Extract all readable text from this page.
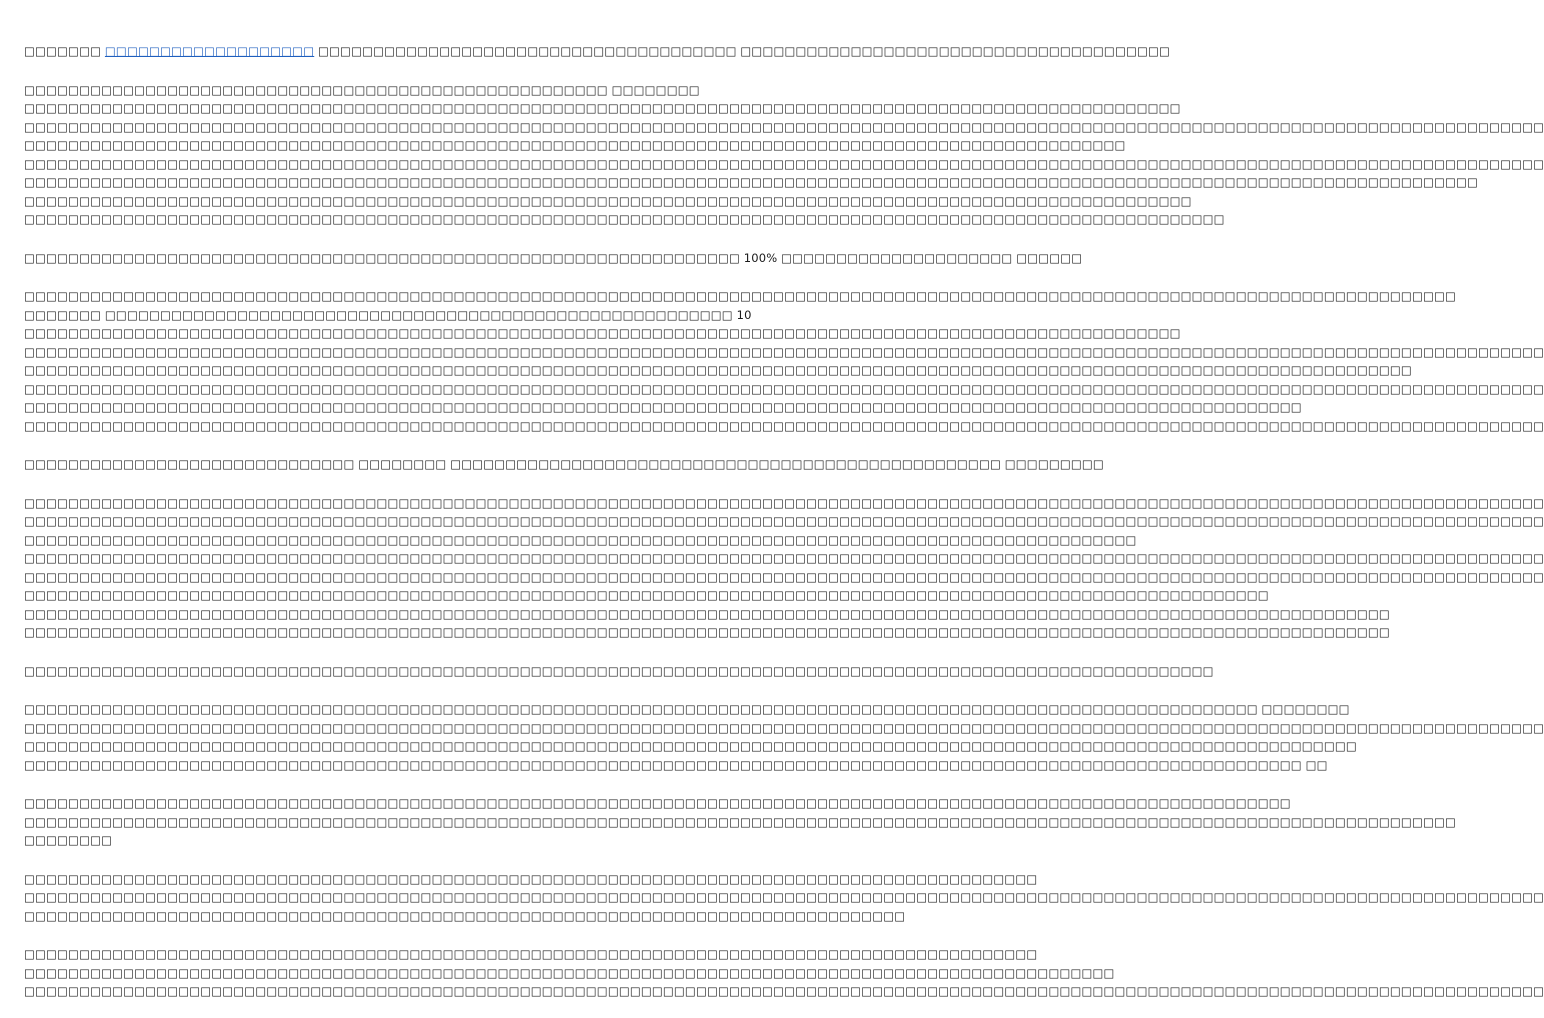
□□□□□□□ □□□□□□□□□□□□□□□□□□□ □□□□□□□□□□□□□□□□□□□□□□□□□□□□□□□□□□□□□□ □□□□□□□□□□□□□□□□□□□□□□□□□□□□□□□□□□□□□□□
□□□□□□□□□□□□□□□□□□□□□□□□□□□□□□□□□□□□□□□□□□□□□□□□□□□□□ □□□□□□□□
□□□□□□□□□□□□□□□□□□□□□□□□□□□□□□□□□□□□□□□□□□□□□□□□□□□□□□□□□□□□□□□□□□□□□□□□□□□□□□□□□□□□□□□□□□□□□□□□□□□□□□□□□
□□□□□□□□□□□□□□□□□□□□□□□□□□□□□□□□□□□□□□□□□□□□□□□□□□□□□□□□□□□□□□□□□□□□□□□□□□□□□□□□□□□□□□□□□□□□□□□□□□□□□□□□□□□□□□□□□□□□□□□□□□□□□□□□□□□□□□□□□□
□□□□□□□□□□□□□□□□□□□□□□□□□□□□□□□□□□□□□□□□□□□□□□□□□□□□□□□□□□□□□□□□□□□□□□□□□□□□□□□□□□□□□□□□□□□□□□□□□□□□
□□□□□□□□□□□□□□□□□□□□□□□□□□□□□□□□□□□□□□□□□□□□□□□□□□□□□□□□□□□□□□□□□□□□□□□□□□□□□□□□□□□□□□□□□□□□□□□□□□□□□□□□□□□□□□□□□□□□□□□□□□□□□□□□□□□□□□□□□□
□□□□□□□□□□□□□□□□□□□□□□□□□□□□□□□□□□□□□□□□□□□□□□□□□□□□□□□□□□□□□□□□□□□□□□□□□□□□□□□□□□□□□□□□□□□□□□□□□□□□□□□□□□□□□□□□□□□□□□□□□□□□□□□□□□□□
□□□□□□□□□□□□□□□□□□□□□□□□□□□□□□□□□□□□□□□□□□□□□□□□□□□□□□□□□□□□□□□□□□□□□□□□□□□□□□□□□□□□□□□□□□□□□□□□□□□□□□□□□□
□□□□□□□□□□□□□□□□□□□□□□□□□□□□□□□□□□□□□□□□□□□□□□□□□□□□□□□□□□□□□□□□□□□□□□□□□□□□□□□□□□□□□□□□□□□□□□□□□□□□□□□□□□□□□
□□□□□□□□□□□□□□□□□□□□□□□□□□□□□□□□□□□□□□□□□□□□□□□□□□□□□□□□□□□□□□□□□ 100% □□□□□□□□□□□□□□□□□□□□□ □□□□□□
□□□□□□□□□□□□□□□□□□□□□□□□□□□□□□□□□□□□□□□□□□□□□□□□□□□□□□□□□□□□□□□□□□□□□□□□□□□□□□□□□□□□□□□□□□□□□□□□□□□□□□□□□□□□□□□□□□□□□□□□□□□□□□□□□□
□□□□□□□ □□□□□□□□□□□□□□□□□□□□□□□□□□□□□□□□□□□□□□□□□□□□□□□□□□□□□□□□□ 10
□□□□□□□□□□□□□□□□□□□□□□□□□□□□□□□□□□□□□□□□□□□□□□□□□□□□□□□□□□□□□□□□□□□□□□□□□□□□□□□□□□□□□□□□□□□□□□□□□□□□□□□□□
□□□□□□□□□□□□□□□□□□□□□□□□□□□□□□□□□□□□□□□□□□□□□□□□□□□□□□□□□□□□□□□□□□□□□□□□□□□□□□□□□□□□□□□□□□□□□□□□□□□□□□□□□□□□□□□□□□□□□□□□□□□□□□□□□□□□□□□□□□
□□□□□□□□□□□□□□□□□□□□□□□□□□□□□□□□□□□□□□□□□□□□□□□□□□□□□□□□□□□□□□□□□□□□□□□□□□□□□□□□□□□□□□□□□□□□□□□□□□□□□□□□□□□□□□□□□□□□□□□□□□□□□□
□□□□□□□□□□□□□□□□□□□□□□□□□□□□□□□□□□□□□□□□□□□□□□□□□□□□□□□□□□□□□□□□□□□□□□□□□□□□□□□□□□□□□□□□□□□□□□□□□□□□□□□□□□□□□□□□□□□□□□□□□□□□□□□□□□□□□□□□□□
□□□□□□□□□□□□□□□□□□□□□□□□□□□□□□□□□□□□□□□□□□□□□□□□□□□□□□□□□□□□□□□□□□□□□□□□□□□□□□□□□□□□□□□□□□□□□□□□□□□□□□□□□□□□□□□□□□□□
□□□□□□□□□□□□□□□□□□□□□□□□□□□□□□□□□□□□□□□□□□□□□□□□□□□□□□□□□□□□□□□□□□□□□□□□□□□□□□□□□□□□□□□□□□□□□□□□□□□□□□□□□□□□□□□□□□□□□□□□□□□□□□□□□□□□□□□□□□
□□□□□□□□□□□□□□□□□□□□□□□□□□□□□□ □□□□□□□□ □□□□□□□□□□□□□□□□□□□□□□□□□□□□□□□□□□□□□□□□□□□□□□□□□□ □□□□□□□□□
□□□□□□□□□□□□□□□□□□□□□□□□□□□□□□□□□□□□□□□□□□□□□□□□□□□□□□□□□□□□□□□□□□□□□□□□□□□□□□□□□□□□□□□□□□□□□□□□□□□□□□□□□□□□□□□□□□□□□□□□□□□□□□□□□□□□□□□□□□
□□□□□□□□□□□□□□□□□□□□□□□□□□□□□□□□□□□□□□□□□□□□□□□□□□□□□□□□□□□□□□□□□□□□□□□□□□□□□□□□□□□□□□□□□□□□□□□□□□□□□□□□□□□□□□□□□□□□□□□□□□□□□□□□□□□□□□□□□□
□□□□□□□□□□□□□□□□□□□□□□□□□□□□□□□□□□□□□□□□□□□□□□□□□□□□□□□□□□□□□□□□□□□□□□□□□□□□□□□□□□□□□□□□□□□□□□□□□□□□□
□□□□□□□□□□□□□□□□□□□□□□□□□□□□□□□□□□□□□□□□□□□□□□□□□□□□□□□□□□□□□□□□□□□□□□□□□□□□□□□□□□□□□□□□□□□□□□□□□□□□□□□□□□□□□□□□□□□□□□□□□□□□□□□□□□□□□□□□□□
□□□□□□□□□□□□□□□□□□□□□□□□□□□□□□□□□□□□□□□□□□□□□□□□□□□□□□□□□□□□□□□□□□□□□□□□□□□□□□□□□□□□□□□□□□□□□□□□□□□□□□□□□□□□□□□□□□□□□□□□□□□□□□□□□□□□□□□□□□
□□□□□□□□□□□□□□□□□□□□□□□□□□□□□□□□□□□□□□□□□□□□□□□□□□□□□□□□□□□□□□□□□□□□□□□□□□□□□□□□□□□□□□□□□□□□□□□□□□□□□□□□□□□□□□□□□
□□□□□□□□□□□□□□□□□□□□□□□□□□□□□□□□□□□□□□□□□□□□□□□□□□□□□□□□□□□□□□□□□□□□□□□□□□□□□□□□□□□□□□□□□□□□□□□□□□□□□□□□□□□□□□□□□□□□□□□□□□□□
□□□□□□□□□□□□□□□□□□□□□□□□□□□□□□□□□□□□□□□□□□□□□□□□□□□□□□□□□□□□□□□□□□□□□□□□□□□□□□□□□□□□□□□□□□□□□□□□□□□□□□□□□□□□□□□□□□□□□□□□□□□□
□□□□□□□□□□□□□□□□□□□□□□□□□□□□□□□□□□□□□□□□□□□□□□□□□□□□□□□□□□□□□□□□□□□□□□□□□□□□□□□□□□□□□□□□□□□□□□□□□□□□□□□□□□□□
□□□□□□□□□□□□□□□□□□□□□□□□□□□□□□□□□□□□□□□□□□□□□□□□□□□□□□□□□□□□□□□□□□□□□□□□□□□□□□□□□□□□□□□□□□□□□□□□□□□□□□□□□□□□□□□□ □□□□□□□□
□□□□□□□□□□□□□□□□□□□□□□□□□□□□□□□□□□□□□□□□□□□□□□□□□□□□□□□□□□□□□□□□□□□□□□□□□□□□□□□□□□□□□□□□□□□□□□□□□□□□□□□□□□□□□□□□□□□□□□□□□□□□□□□□□□□□□□□□□□
□□□□□□□□□□□□□□□□□□□□□□□□□□□□□□□□□□□□□□□□□□□□□□□□□□□□□□□□□□□□□□□□□□□□□□□□□□□□□□□□□□□□□□□□□□□□□□□□□□□□□□□□□□□□□□□□□□□□□□□□□
□□□□□□□□□□□□□□□□□□□□□□□□□□□□□□□□□□□□□□□□□□□□□□□□□□□□□□□□□□□□□□□□□□□□□□□□□□□□□□□□□□□□□□□□□□□□□□□□□□□□□□□□□□□□□□□□□□□□ □□
□□□□□□□□□□□□□□□□□□□□□□□□□□□□□□□□□□□□□□□□□□□□□□□□□□□□□□□□□□□□□□□□□□□□□□□□□□□□□□□□□□□□□□□□□□□□□□□□□□□□□□□□□□□□□□□□□□□
□□□□□□□□□□□□□□□□□□□□□□□□□□□□□□□□□□□□□□□□□□□□□□□□□□□□□□□□□□□□□□□□□□□□□□□□□□□□□□□□□□□□□□□□□□□□□□□□□□□□□□□□□□□□□□□□□□□□□□□□□□□□□□□□□□
□□□□□□□□
□□□□□□□□□□□□□□□□□□□□□□□□□□□□□□□□□□□□□□□□□□□□□□□□□□□□□□□□□□□□□□□□□□□□□□□□□□□□□□□□□□□□□□□□□□□□
□□□□□□□□□□□□□□□□□□□□□□□□□□□□□□□□□□□□□□□□□□□□□□□□□□□□□□□□□□□□□□□□□□□□□□□□□□□□□□□□□□□□□□□□□□□□□□□□□□□□□□□□□□□□□□□□□□□□□□□□□□□□□□□□□□□□□□□□□□
□□□□□□□□□□□□□□□□□□□□□□□□□□□□□□□□□□□□□□□□□□□□□□□□□□□□□□□□□□□□□□□□□□□□□□□□□□□□□□□□
□□□□□□□□□□□□□□□□□□□□□□□□□□□□□□□□□□□□□□□□□□□□□□□□□□□□□□□□□□□□□□□□□□□□□□□□□□□□□□□□□□□□□□□□□□□□
□□□□□□□□□□□□□□□□□□□□□□□□□□□□□□□□□□□□□□□□□□□□□□□□□□□□□□□□□□□□□□□□□□□□□□□□□□□□□□□□□□□□□□□□□□□□□□□□□□□
□□□□□□□□□□□□□□□□□□□□□□□□□□□□□□□□□□□□□□□□□□□□□□□□□□□□□□□□□□□□□□□□□□□□□□□□□□□□□□□□□□□□□□□□□□□□□□□□□□□□□□□□□□□□□□□□□□□□□□□□□□□□□□□□□□□□□□□□□□
